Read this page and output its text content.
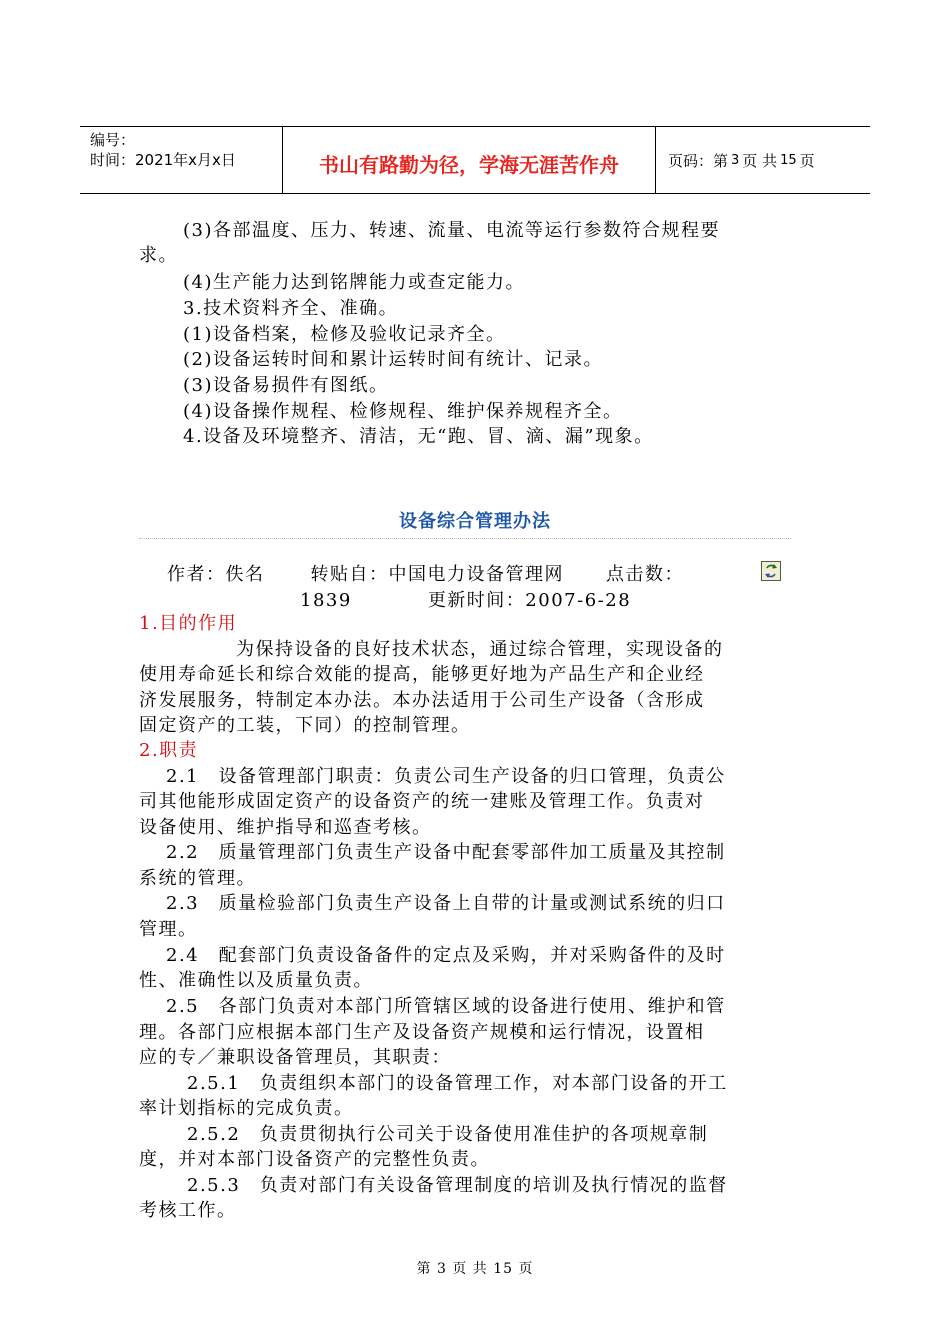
编号：
时间：2021年x月x日	书山有路勤为径，学海无涯苦作舟	页码：第 3 页 共 15 页

(3)各部温度、压力、转速、流量、电流等运行参数符合规程要

求。

(4)生产能力达到铭牌能力或查定能力。

3.技术资料齐全、准确。

(1)设备档案，检修及验收记录齐全。

(2)设备运转时间和累计运转时间有统计、记录。

(3)设备易损件有图纸。

(4)设备操作规程、检修规程、维护保养规程齐全。

4.设备及环境整齐、清洁，无“跑、冒、滴、漏”现象。

设备综合管理办法
作者：佚名	转贴自：中国电力设备管理网 点击数：
1839	更新时间：2007-6-28

1.目的作用

为保持设备的良好技术状态，通过综合管理，实现设备的

使用寿命延长和综合效能的提高，能够更好地为产品生产和企业经

济发展服务，特制定本办法。本办法适用于公司生产设备（含形成

固定资产的工装，下同）的控制管理。

2.职责

2.1　设备管理部门职责：负责公司生产设备的归口管理，负责公

司其他能形成固定资产的设备资产的统一建账及管理工作。负责对

设备使用、维护指导和巡查考核。

2.2　质量管理部门负责生产设备中配套零部件加工质量及其控制

系统的管理。

2.3　质量检验部门负责生产设备上自带的计量或测试系统的归口

管理。

2.4　配套部门负责设备备件的定点及采购，并对采购备件的及时

性、准确性以及质量负责。

2.5　各部门负责对本部门所管辖区域的设备进行使用、维护和管

理。各部门应根据本部门生产及设备资产规模和运行情况，设置相

应的专／兼职设备管理员，其职责：

2.5.1　负责组织本部门的设备管理工作，对本部门设备的开工

率计划指标的完成负责。

2.5.2　负责贯彻执行公司关于设备使用准佳护的各项规章制

度，并对本部门设备资产的完整性负责。

2.5.3　负责对部门有关设备管理制度的培训及执行情况的监督

考核工作。

第 3 页 共 15 页
